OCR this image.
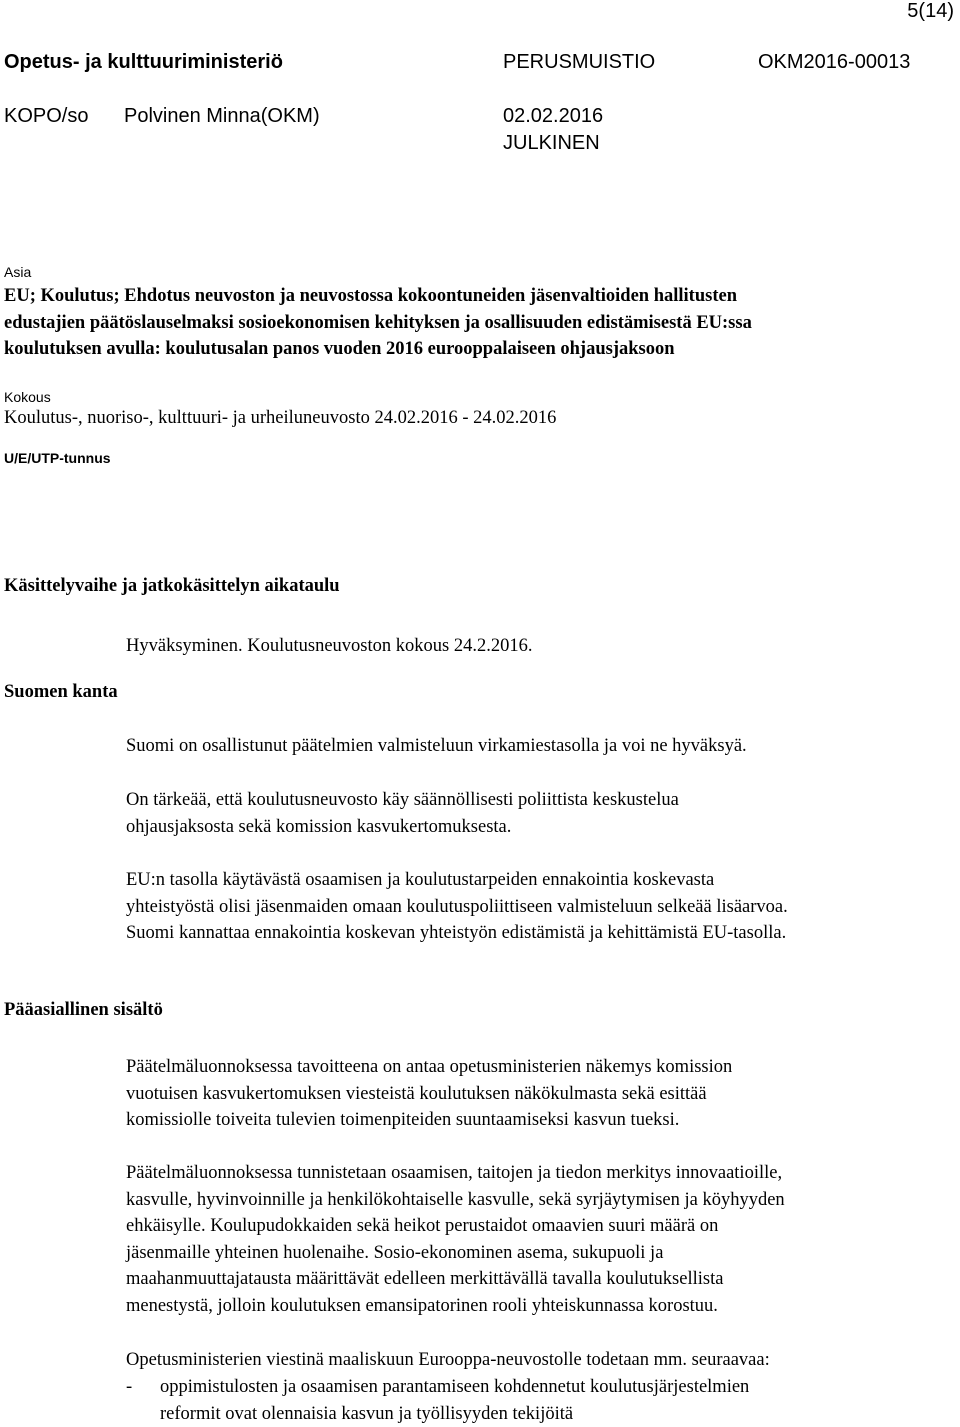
5(14)
Opetus- ja kulttuuriministeriö	PERUSMUISTIO	OKM2016-00013
KOPO/so Polvinen Minna(OKM)	02.02.2016
JULKINEN
Asia
EU; Koulutus; Ehdotus neuvoston ja neuvostossa kokoontuneiden jäsenvaltioiden hallitusten
edustajien päätöslauselmaksi sosioekonomisen kehityksen ja osallisuuden edistämisestä EU:ssa
koulutuksen avulla: koulutusalan panos vuoden 2016 eurooppalaiseen ohjausjaksoon
Kokous
Koulutus-, nuoriso-, kulttuuri- ja urheiluneuvosto 24.02.2016 - 24.02.2016
U/E/UTP-tunnus
Käsittelyvaihe ja jatkokäsittelyn aikataulu
Hyväksyminen. Koulutusneuvoston kokous 24.2.2016.
Suomen kanta
Suomi on osallistunut päätelmien valmisteluun virkamiestasolla ja voi ne hyväksyä.
On tärkeää, että koulutusneuvosto käy säännöllisesti poliittista keskustelua
ohjausjaksosta sekä komission kasvukertomuksesta.
EU:n tasolla käytävästä osaamisen ja koulutustarpeiden ennakointia koskevasta
yhteistyöstä olisi jäsenmaiden omaan koulutuspoliittiseen valmisteluun selkeää lisäarvoa.
Suomi kannattaa ennakointia koskevan yhteistyön edistämistä ja kehittämistä EU-tasolla.
Pääasiallinen sisältö
Päätelmäluonnoksessa tavoitteena on antaa opetusministerien näkemys komission
vuotuisen kasvukertomuksen viesteistä koulutuksen näkökulmasta sekä esittää
komissiolle toiveita tulevien toimenpiteiden suuntaamiseksi kasvun tueksi.
Päätelmäluonnoksessa tunnistetaan osaamisen, taitojen ja tiedon merkitys innovaatioille,
kasvulle, hyvinvoinnille ja henkilökohtaiselle kasvulle, sekä syrjäytymisen ja köyhyyden
ehkäisylle. Koulupudokkaiden sekä heikot perustaidot omaavien suuri määrä on
jäsenmaille yhteinen huolenaihe. Sosio-ekonominen asema, sukupuoli ja
maahanmuuttajatausta määrittävät edelleen merkittävällä tavalla koulutuksellista
menestystä, jolloin koulutuksen emansipatorinen rooli yhteiskunnassa korostuu.
Opetusministerien viestinä maaliskuun Eurooppa-neuvostolle todetaan mm. seuraavaa:
- oppimistulosten ja osaamisen parantamiseen kohdennetut koulutusjärjestelmien
reformit ovat olennaisia kasvun ja työllisyyden tekijöitä
